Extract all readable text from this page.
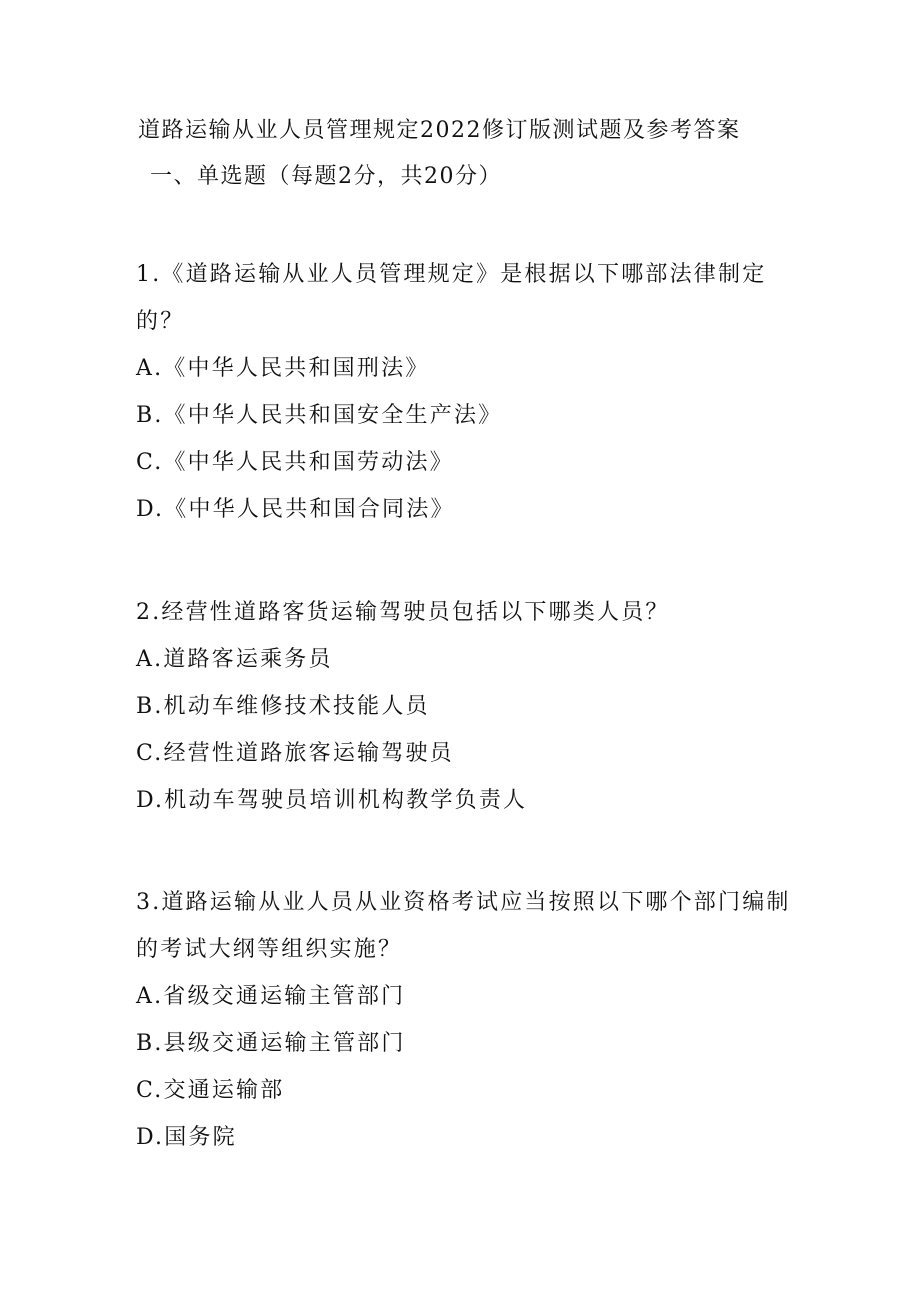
道路运输从业人员管理规定2022修订版测试题及参考答案
一、单选题（每题2分，共20分）

1.《道路运输从业人员管理规定》是根据以下哪部法律制定的？

A.《中华人民共和国刑法》

B.《中华人民共和国安全生产法》

C.《中华人民共和国劳动法》

D.《中华人民共和国合同法》

2.经营性道路客货运输驾驶员包括以下哪类人员？

A.道路客运乘务员

B.机动车维修技术技能人员

C.经营性道路旅客运输驾驶员

D.机动车驾驶员培训机构教学负责人

3.道路运输从业人员从业资格考试应当按照以下哪个部门编制的考试大纲等组织实施？

A.省级交通运输主管部门

B.县级交通运输主管部门

C.交通运输部

D.国务院
